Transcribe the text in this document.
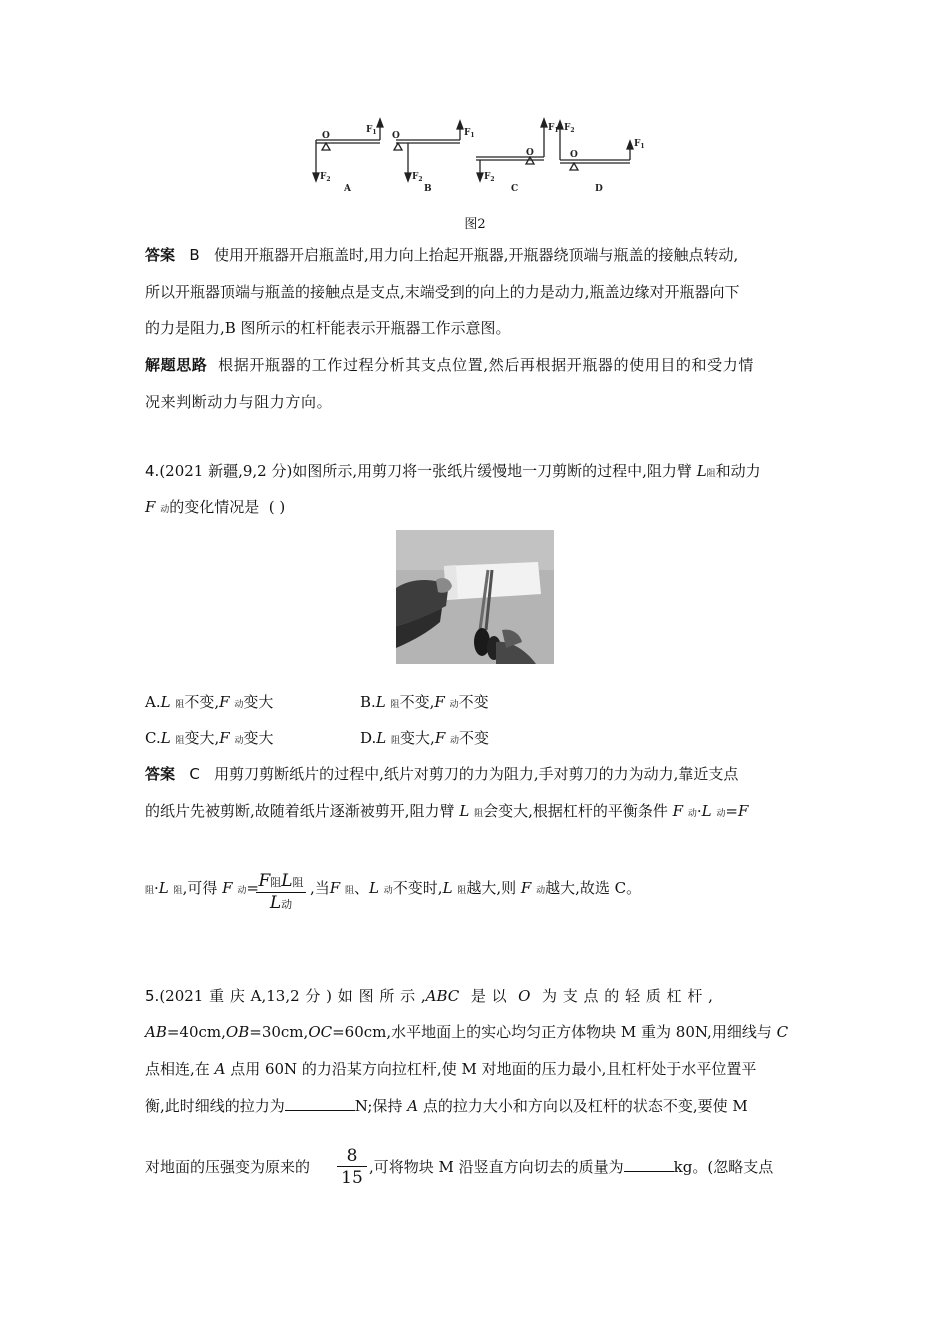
O	O
O	O
$F_1$
$F_2$
$F_1$
$F_2$
$F_1$
$F_2$
$F_2$
$F_1$
A	B	C	D
图2
答案 B 使用开瓶器开启瓶盖时,用力向上抬起开瓶器,开瓶器绕顶端与瓶盖的接触点转动,
所以开瓶器顶端与瓶盖的接触点是支点,末端受到的向上的力是动力,瓶盖边缘对开瓶器向下
的力是阻力,B 图所示的杠杆能表示开瓶器工作示意图。
解题思路 根据开瓶器的工作过程分析其支点位置,然后再根据开瓶器的使用目的和受力情
况来判断动力与阻力方向。
4.(2021 新疆,9,2 分)如图所示,用剪刀将一张纸片缓慢地一刀剪断的过程中,阻力臂 L阻和动力
F 动的变化情况是 ( )
A.L 阻不变,F 动变大	B.L 阻不变,F 动不变
C.L 阻变大,F 动变大	D.L 阻变大,F 动不变
答案 C 用剪刀剪断纸片的过程中,纸片对剪刀的力为阻力,手对剪刀的力为动力,靠近支点
的纸片先被剪断,故随着纸片逐渐被剪开,阻力臂 L 阻会变大,根据杠杆的平衡条件 F 动·L 动=F
阻·L 阻,可得 F 动= F阻L阻
L动
,当F 阻、L 动不变时,L 阻越大,则 F 动越大,故选 C。
5.(2021 重 庆 A,13,2 分 ) 如 图 所 示 ,ABC 是 以 O 为 支 点 的 轻 质 杠 杆 ,
AB=40cm,OB=30cm,OC=60cm,水平地面上的实心均匀正方体物块 M 重为 80N,用细线与 C
点相连,在 A 点用 60N 的力沿某方向拉杠杆,使 M 对地面的压力最小,且杠杆处于水平位置平
衡,此时细线的拉力为	N;保持 A 点的拉力大小和方向以及杠杆的状态不变,要使 M
对地面的压强变为原来的 $\frac{8}{15}$ ,可将物块 M 沿竖直方向切去的质量为	kg。(忽略支点
